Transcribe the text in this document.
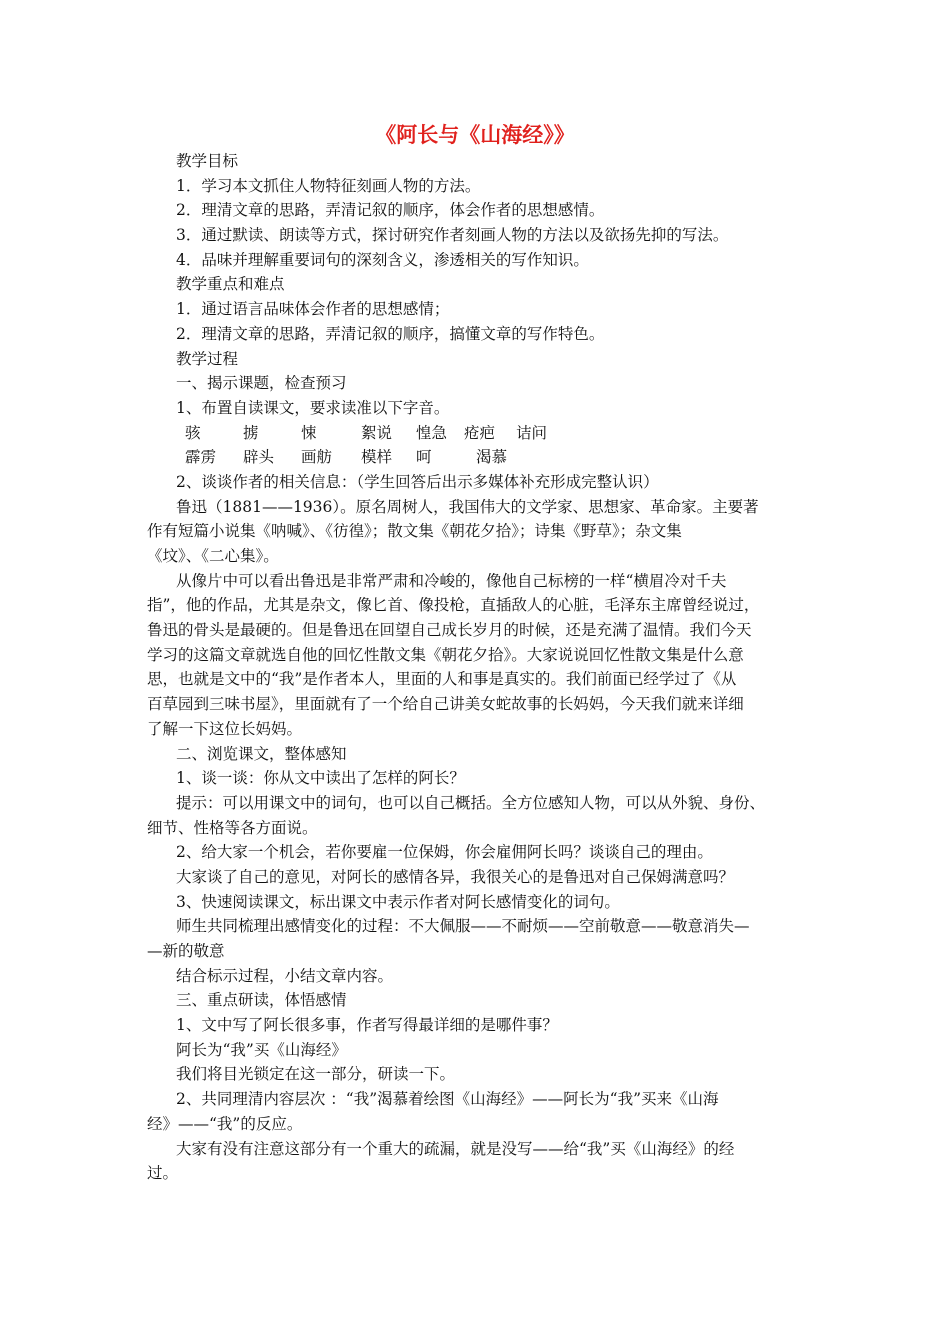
《阿长与《山海经》》
教学目标
1．学习本文抓住人物特征刻画人物的方法。
2．理清文章的思路，弄清记叙的顺序，体会作者的思想感情。
3．通过默读、朗读等方式，探讨研究作者刻画人物的方法以及欲扬先抑的写法。
4．品味并理解重要词句的深刻含义，渗透相关的写作知识。
教学重点和难点
1．通过语言品味体会作者的思想感情；
2．理清文章的思路，弄清记叙的顺序，搞懂文章的写作特色。
教学过程
一、揭示课题，检查预习
1、布置自读课文，要求读准以下字音。
骇	掳	悚	絮说 惶急 疮疤 诘问
霹雳 辟头 画舫 模样 呵	渴慕
2、谈谈作者的相关信息：（学生回答后出示多媒体补充形成完整认识）
鲁迅（1881——1936）。原名周树人，我国伟大的文学家、思想家、革命家。主要著
作有短篇小说集《呐喊》、《彷徨》；散文集《朝花夕拾》；诗集《野草》；杂文集
《坟》、《二心集》。
从像片中可以看出鲁迅是非常严肃和冷峻的，像他自己标榜的一样“横眉冷对千夫
指”，他的作品，尤其是杂文，像匕首、像投枪，直插敌人的心脏，毛泽东主席曾经说过，
鲁迅的骨头是最硬的。但是鲁迅在回望自己成长岁月的时候，还是充满了温情。我们今天
学习的这篇文章就选自他的回忆性散文集《朝花夕拾》。大家说说回忆性散文集是什么意
思，也就是文中的“我”是作者本人，里面的人和事是真实的。我们前面已经学过了《从
百草园到三味书屋》，里面就有了一个给自己讲美女蛇故事的长妈妈，今天我们就来详细
了解一下这位长妈妈。
二、浏览课文，整体感知
1、谈一谈：你从文中读出了怎样的阿长？
提示：可以用课文中的词句，也可以自己概括。全方位感知人物，可以从外貌、身份、
细节、性格等各方面说。
2、给大家一个机会，若你要雇一位保姆，你会雇佣阿长吗？谈谈自己的理由。
大家谈了自己的意见，对阿长的感情各异，我很关心的是鲁迅对自己保姆满意吗？
3、快速阅读课文，标出课文中表示作者对阿长感情变化的词句。
师生共同梳理出感情变化的过程：不大佩服——不耐烦——空前敬意——敬意消失—
—新的敬意
结合标示过程，小结文章内容。
三、重点研读，体悟感情
1、文中写了阿长很多事，作者写得最详细的是哪件事？
阿长为“我”买《山海经》
我们将目光锁定在这一部分，研读一下。
2、共同理清内容层次 ：“我”渴慕着绘图《山海经》——阿长为“我”买来《山海
经》——“我”的反应。
大家有没有注意这部分有一个重大的疏漏，就是没写——给“我”买《山海经》的经
过。
